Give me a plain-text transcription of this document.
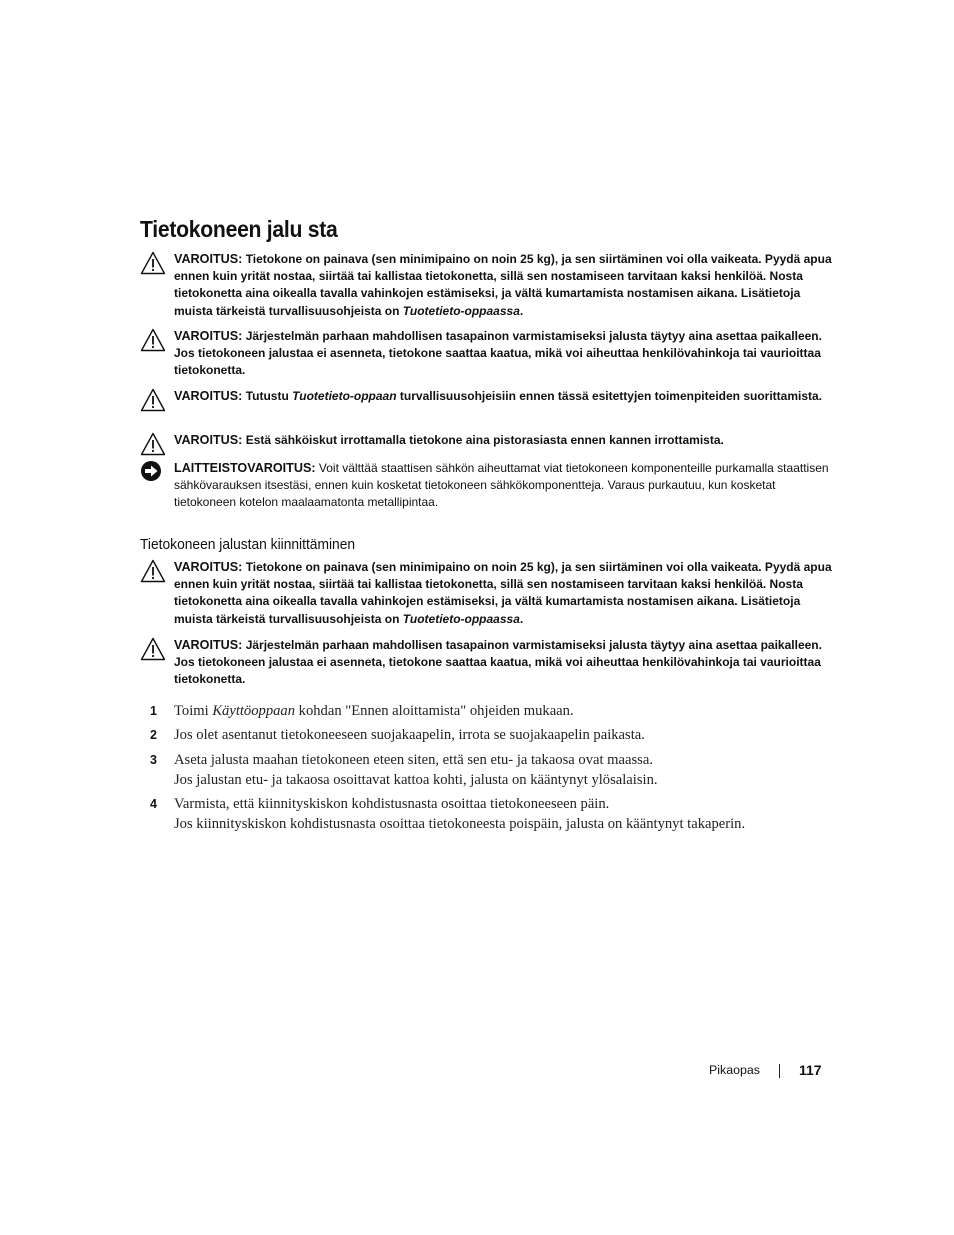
Tietokoneen jalu sta
VAROITUS: Tietokone on painava (sen minimipaino on noin 25 kg), ja sen siirtäminen voi olla vaikeata. Pyydä apua ennen kuin yrität nostaa, siirtää tai kallistaa tietokonetta, sillä sen nostamiseen tarvitaan kaksi henkilöä. Nosta tietokonetta aina oikealla tavalla vahinkojen estämiseksi, ja vältä kumartamista nostamisen aikana. Lisätietoja muista tärkeistä turvallisuusohjeista on Tuotetieto-oppaassa.
VAROITUS: Järjestelmän parhaan mahdollisen tasapainon varmistamiseksi jalusta täytyy aina asettaa paikalleen. Jos tietokoneen jalustaa ei asenneta, tietokone saattaa kaatua, mikä voi aiheuttaa henkilövahinkoja tai vaurioittaa tietokonetta.
VAROITUS: Tutustu Tuotetieto-oppaan turvallisuusohjeisiin ennen tässä esitettyjen toimenpiteiden suorittamista.
VAROITUS: Estä sähköiskut irrottamalla tietokone aina pistorasiasta ennen kannen irrottamista.
LAITTEISTOVAROITUS: Voit välttää staattisen sähkön aiheuttamat viat tietokoneen komponenteille purkamalla staattisen sähkövarauksen itsestäsi, ennen kuin kosketat tietokoneen sähkökomponentteja. Varaus purkautuu, kun kosketat tietokoneen kotelon maalaamatonta metallipintaa.
Tietokoneen jalustan kiinnittäminen
VAROITUS: Tietokone on painava (sen minimipaino on noin 25 kg), ja sen siirtäminen voi olla vaikeata. Pyydä apua ennen kuin yrität nostaa, siirtää tai kallistaa tietokonetta, sillä sen nostamiseen tarvitaan kaksi henkilöä. Nosta tietokonetta aina oikealla tavalla vahinkojen estämiseksi, ja vältä kumartamista nostamisen aikana. Lisätietoja muista tärkeistä turvallisuusohjeista on Tuotetieto-oppaassa.
VAROITUS: Järjestelmän parhaan mahdollisen tasapainon varmistamiseksi jalusta täytyy aina asettaa paikalleen. Jos tietokoneen jalustaa ei asenneta, tietokone saattaa kaatua, mikä voi aiheuttaa henkilövahinkoja tai vaurioittaa tietokonetta.
1 Toimi Käyttöoppaan kohdan "Ennen aloittamista" ohjeiden mukaan.
2 Jos olet asentanut tietokoneeseen suojakaapelin, irrota se suojakaapelin paikasta.
3 Aseta jalusta maahan tietokoneen eteen siten, että sen etu- ja takaosa ovat maassa.
Jos jalustan etu- ja takaosa osoittavat kattoa kohti, jalusta on kääntynyt ylösalaisin.
4 Varmista, että kiinnityskiskon kohdistusnasta osoittaa tietokoneeseen päin.
Jos kiinnityskiskon kohdistusnasta osoittaa tietokoneesta poispäin, jalusta on kääntynyt takaperin.
Pikaopas	117
